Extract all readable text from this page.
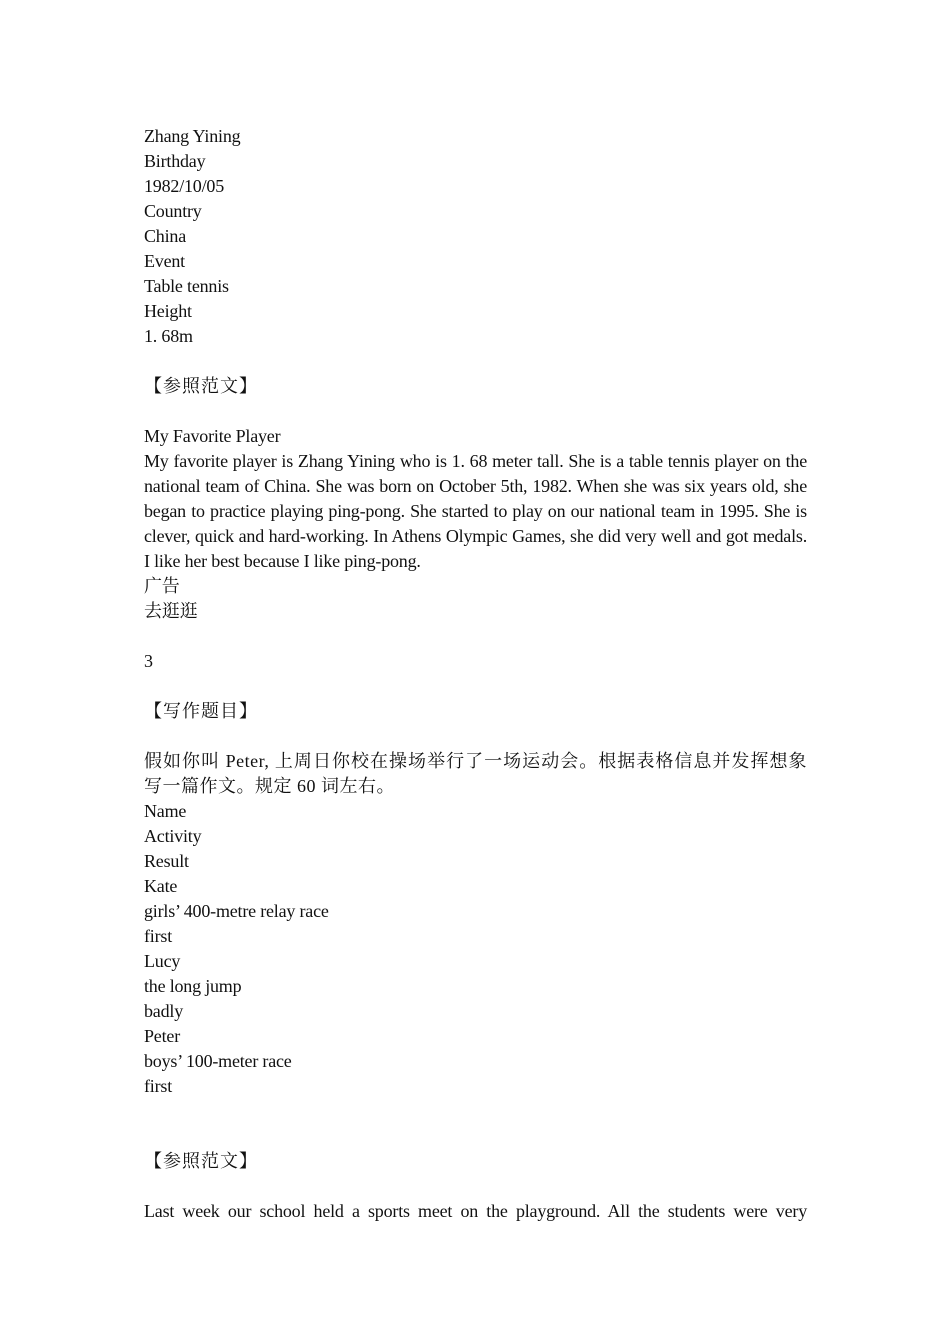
Zhang Yining
Birthday
1982/10/05
Country
China
Event
Table tennis
Height
1. 68m
【参照范文】
My Favorite Player
My favorite player is Zhang Yining who is 1. 68 meter tall. She is a table tennis player on the national team of China. She was born on October 5th, 1982. When she was six years old, she began to practice playing ping-pong. She started to play on our national team in 1995. She is clever, quick and hard-working. In Athens Olympic Games, she did very well and got medals. I like her best because I like ping-pong.
广告
去逛逛
3
【写作题目】
假如你叫 Peter, 上周日你校在操场举行了一场运动会。根据表格信息并发挥想象写一篇作文。规定 60 词左右。
Name
Activity
Result
Kate
girls’ 400-metre relay race
first
Lucy
the long jump
badly
Peter
boys’ 100-meter race
first
【参照范文】
Last week our school held a sports meet on the playground. All the students were very
